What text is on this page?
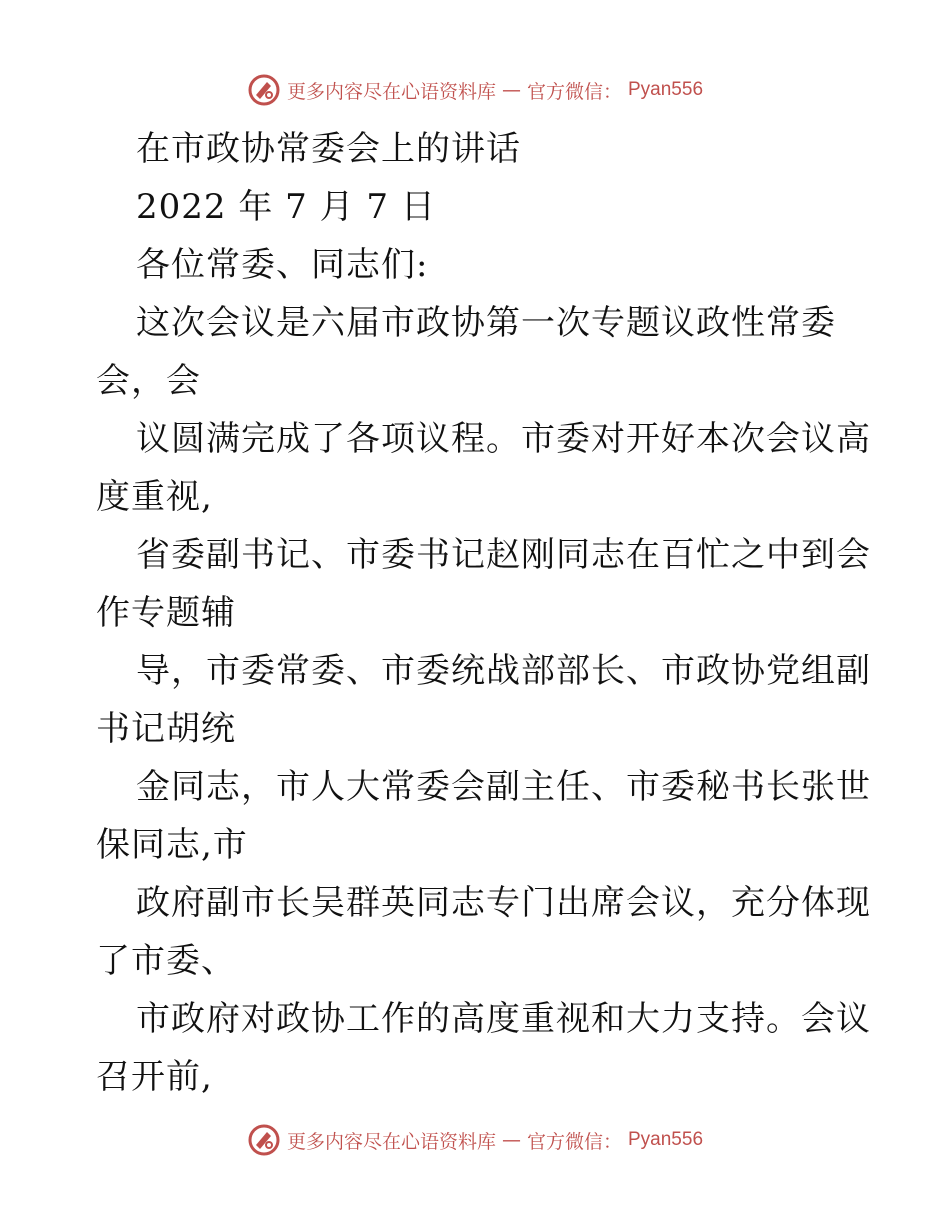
更多内容尽在心语资料库 — 官方微信： Pyan556
在市政协常委会上的讲话
2022 年 7 月 7 日
各位常委、同志们:
这次会议是六届市政协第一次专题议政性常委
会，会
议圆满完成了各项议程。市委对开好本次会议高
度重视,
省委副书记、市委书记赵刚同志在百忙之中到会
作专题辅
导，市委常委、市委统战部部长、市政协党组副
书记胡统
金同志，市人大常委会副主任、市委秘书长张世
保同志,市
政府副市长吴群英同志专门出席会议，充分体现
了市委、
市政府对政协工作的高度重视和大力支持。会议
召开前,
更多内容尽在心语资料库 — 官方微信： Pyan556
